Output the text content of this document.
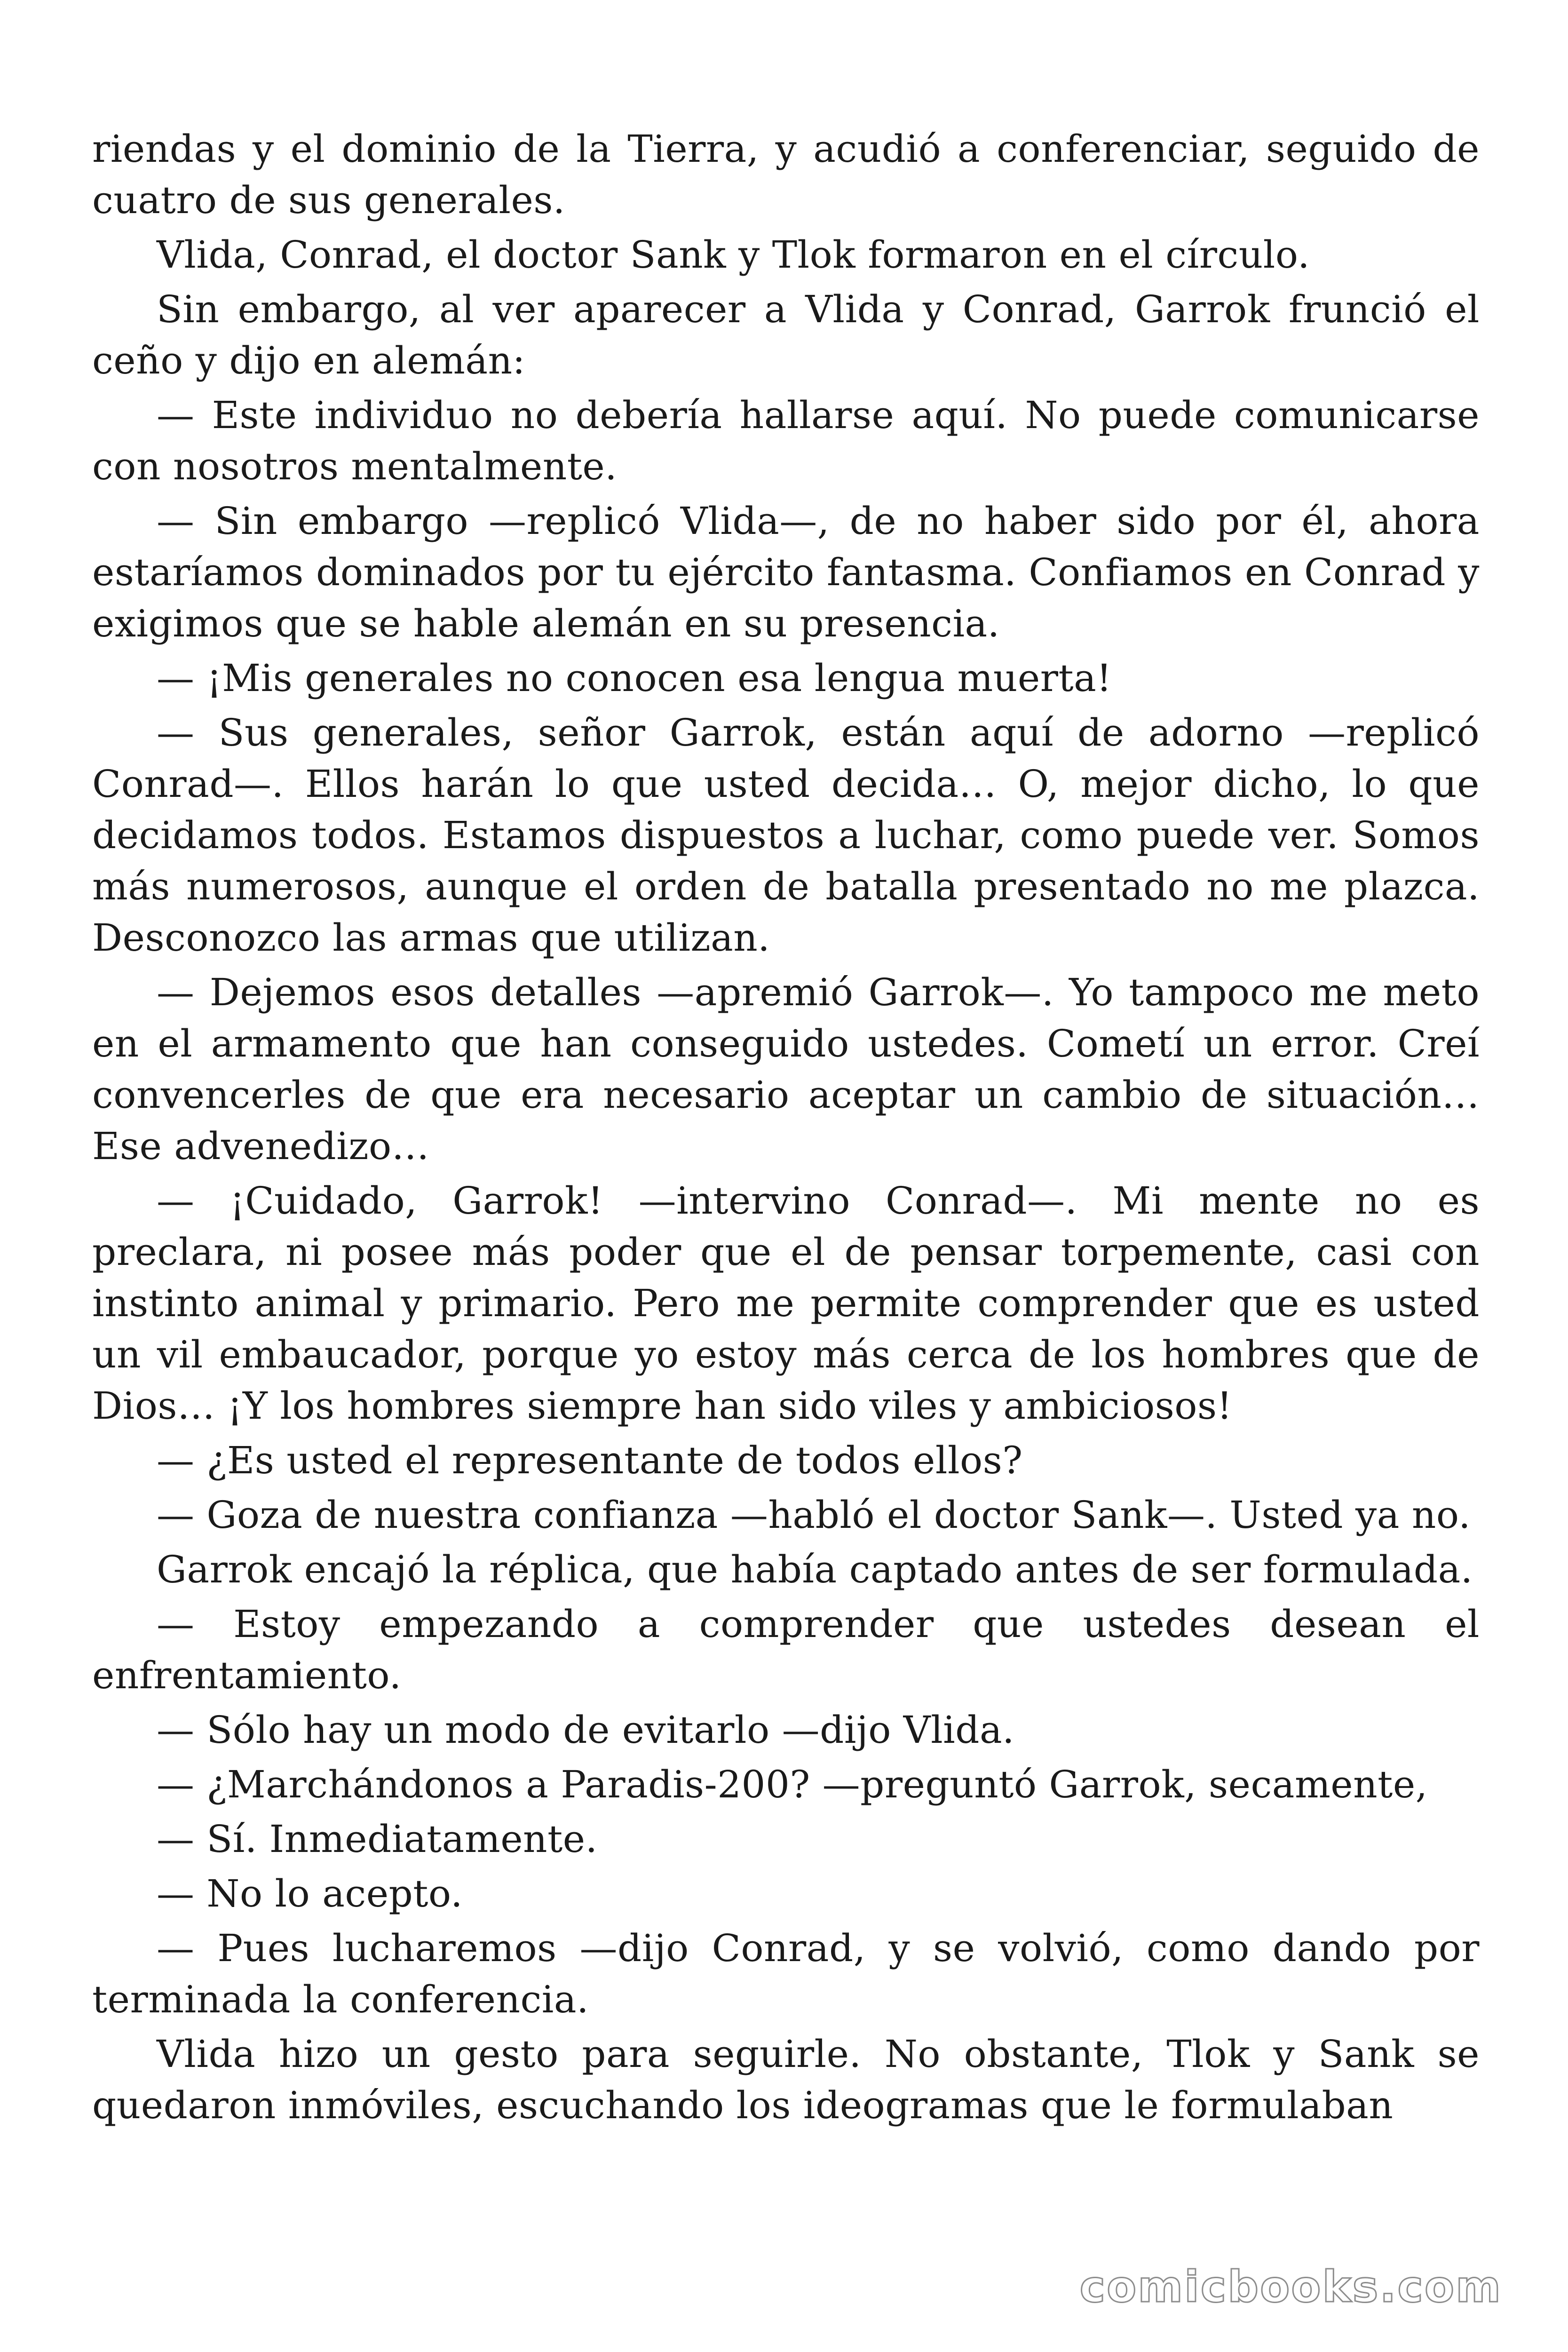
riendas y el dominio de la Tierra, y acudió a conferenciar, seguido de cuatro de sus generales.

Vlida, Conrad, el doctor Sank y Tlok formaron en el círculo.

Sin embargo, al ver aparecer a Vlida y Conrad, Garrok frunció el ceño y dijo en alemán:

— Este individuo no debería hallarse aquí. No puede comunicarse con nosotros mentalmente.

— Sin embargo —replicó Vlida—, de no haber sido por él, ahora estaríamos dominados por tu ejército fantasma. Confiamos en Conrad y exigimos que se hable alemán en su presencia.

— ¡Mis generales no conocen esa lengua muerta!

— Sus generales, señor Garrok, están aquí de adorno —replicó Conrad—. Ellos harán lo que usted decida… O, mejor dicho, lo que decidamos todos. Estamos dispuestos a luchar, como puede ver. Somos más numerosos, aunque el orden de batalla presentado no me plazca. Desconozco las armas que utilizan.

— Dejemos esos detalles —apremió Garrok—. Yo tampoco me meto en el armamento que han conseguido ustedes. Cometí un error. Creí convencerles de que era necesario aceptar un cambio de situación… Ese advenedizo…

— ¡Cuidado, Garrok! —intervino Conrad—. Mi mente no es preclara, ni posee más poder que el de pensar torpemente, casi con instinto animal y primario. Pero me permite comprender que es usted un vil embaucador, porque yo estoy más cerca de los hombres que de Dios… ¡Y los hombres siempre han sido viles y ambiciosos!

— ¿Es usted el representante de todos ellos?

— Goza de nuestra confianza —habló el doctor Sank—. Usted ya no.

Garrok encajó la réplica, que había captado antes de ser formulada.

— Estoy empezando a comprender que ustedes desean el enfrentamiento.

— Sólo hay un modo de evitarlo —dijo Vlida.

— ¿Marchándonos a Paradis-200? —preguntó Garrok, secamente,

— Sí. Inmediatamente.

— No lo acepto.

— Pues lucharemos —dijo Conrad, y se volvió, como dando por terminada la conferencia.

Vlida hizo un gesto para seguirle. No obstante, Tlok y Sank se quedaron inmóviles, escuchando los ideogramas que le formulaban

comicbooks.com
